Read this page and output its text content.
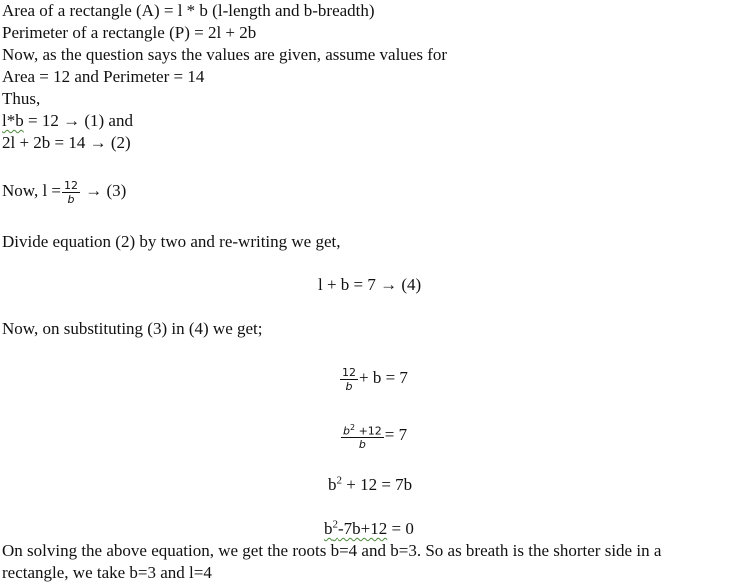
Area of a rectangle (A) = l * b (l-length and b-breadth)
Perimeter of a rectangle (P) = 2l + 2b
Now, as the question says the values are given, assume values for
Area = 12 and Perimeter = 14
Thus,
l*b = 12 → (1) and
2l + 2b = 14 → (2)
Now, $l = \frac{12}{b} \to (3)$
Divide equation (2) by two and re-writing we get,
l + b = 7 → (4)
Now, on substituting (3) in (4) we get;
$\frac{12}{b} + b = 7$
$\frac{b^2 +12}{b} = 7$
$b^2 + 12 = 7b$
$b^2-7b+12 = 0$
On solving the above equation, we get the roots b=4 and b=3. So as breath is the shorter side in a
rectangle, we take b=3 and l=4
